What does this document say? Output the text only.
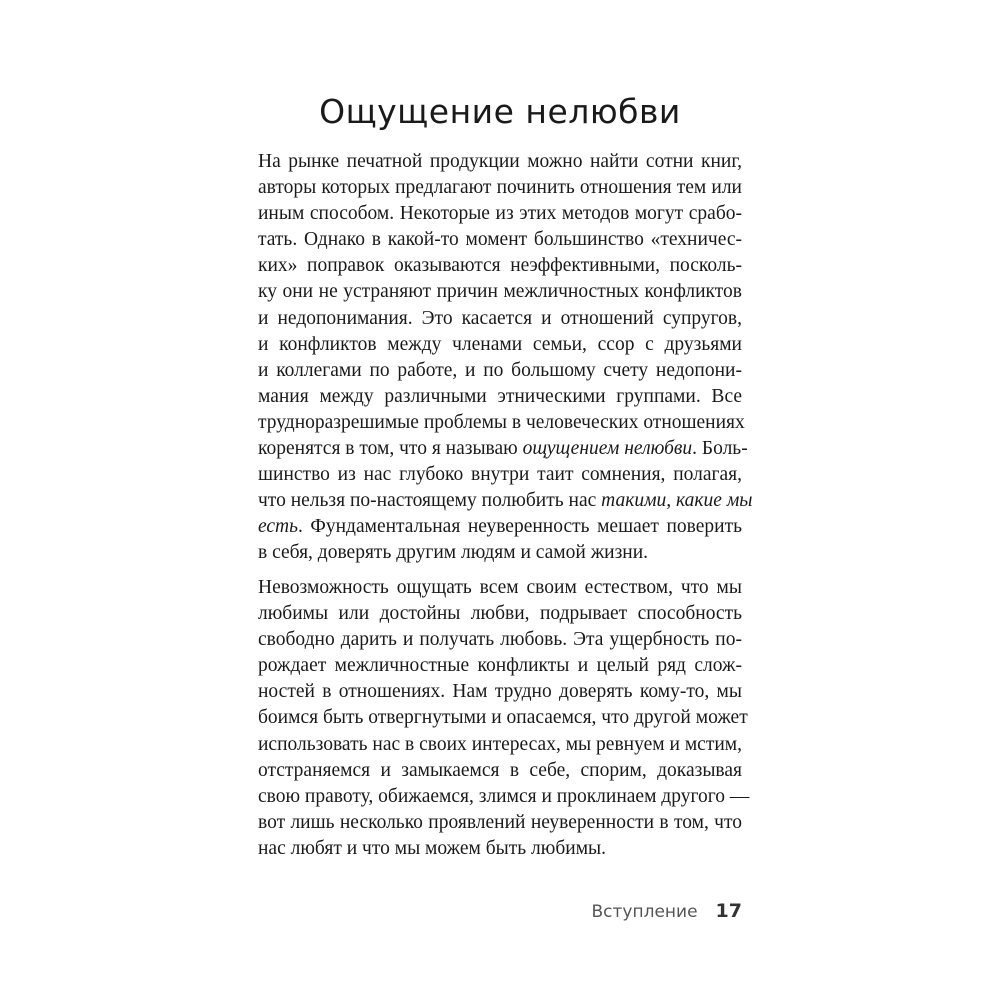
Ощущение нелюбви
На рынке печатной продукции можно найти сотни книг,
авторы которых предлагают починить отношения тем или
иным способом. Некоторые из этих методов могут срабо-
тать. Однако в какой-то момент большинство «техничес-
ких» поправок оказываются неэффективными, посколь-
ку они не устраняют причин межличностных конфликтов
и недопонимания. Это касается и отношений супругов,
и конфликтов между членами семьи, ссор с друзьями
и коллегами по работе, и по большому счету недопони-
мания между различными этническими группами. Все
трудноразрешимые проблемы в человеческих отношениях
коренятся в том, что я называю ощущением нелюбви. Боль-
шинство из нас глубоко внутри таит сомнения, полагая,
что нельзя по-настоящему полюбить нас такими, какие мы
есть. Фундаментальная неуверенность мешает поверить
в себя, доверять другим людям и самой жизни.
Невозможность ощущать всем своим естеством, что мы
любимы или достойны любви, подрывает способность
свободно дарить и получать любовь. Эта ущербность по-
рождает межличностные конфликты и целый ряд слож-
ностей в отношениях. Нам трудно доверять кому-то, мы
боимся быть отвергнутыми и опасаемся, что другой может
использовать нас в своих интересах, мы ревнуем и мстим,
отстраняемся и замыкаемся в себе, спорим, доказывая
свою правоту, обижаемся, злимся и проклинаем другого —
вот лишь несколько проявлений неуверенности в том, что
нас любят и что мы можем быть любимы.
Вступление 17
